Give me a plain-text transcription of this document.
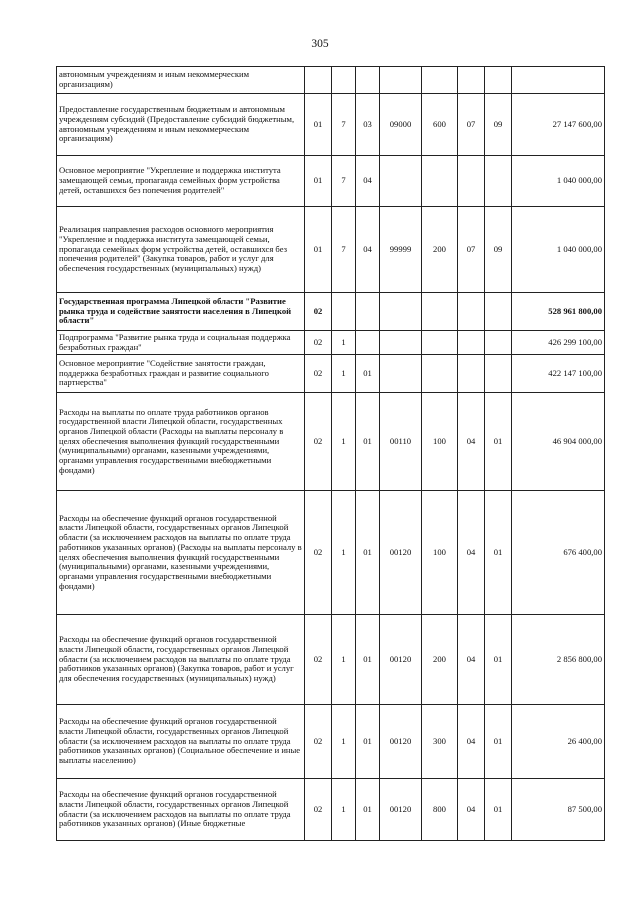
305
автономным учреждениям и иным некоммерческим организациям)								
Предоставление государственным бюджетным и автономным учреждениям субсидий (Предоставление субсидий бюджетным, автономным учреждениям и иным некоммерческим организациям)	01	7	03	09000	600	07	09	27 147 600,00
Основное мероприятие "Укрепление и поддержка института замещающей семьи, пропаганда семейных форм устройства детей, оставшихся без попечения родителей"	01	7	04					1 040 000,00
Реализация направления расходов основного мероприятия "Укрепление и поддержка института замещающей семьи, пропаганда семейных форм устройства детей, оставшихся без попечения родителей" (Закупка товаров, работ и услуг для обеспечения государственных (муниципальных) нужд)	01	7	04	99999	200	07	09	1 040 000,00
Государственная программа Липецкой области "Развитие рынка труда и содействие занятости населения в Липецкой области"	02							528 961 800,00
Подпрограмма "Развитие рынка труда и социальная поддержка безработных граждан"	02	1						426 299 100,00
Основное мероприятие "Содействие занятости граждан, поддержка безработных граждан и развитие социального партнерства"	02	1	01					422 147 100,00
Расходы на выплаты по оплате труда работников органов государственной власти Липецкой области, государственных органов Липецкой области (Расходы на выплаты персоналу в целях обеспечения выполнения функций государственными (муниципальными) органами, казенными учреждениями, органами управления государственными внебюджетными фондами)	02	1	01	00110	100	04	01	46 904 000,00
Расходы на обеспечение функций органов государственной власти Липецкой области, государственных органов Липецкой области (за исключением расходов на выплаты по оплате труда работников указанных органов) (Расходы на выплаты персоналу в целях обеспечения выполнения функций государственными (муниципальными) органами, казенными учреждениями, органами управления государственными внебюджетными фондами)	02	1	01	00120	100	04	01	676 400,00
Расходы на обеспечение функций органов государственной власти Липецкой области, государственных органов Липецкой области (за исключением расходов на выплаты по оплате труда работников указанных органов) (Закупка товаров, работ и услуг для обеспечения государственных (муниципальных) нужд)	02	1	01	00120	200	04	01	2 856 800,00
Расходы на обеспечение функций органов государственной власти Липецкой области, государственных органов Липецкой области (за исключением расходов на выплаты по оплате труда работников указанных органов) (Социальное обеспечение и иные выплаты населению)	02	1	01	00120	300	04	01	26 400,00
Расходы на обеспечение функций органов государственной власти Липецкой области, государственных органов Липецкой области (за исключением расходов на выплаты по оплате труда работников указанных органов) (Иные бюджетные	02	1	01	00120	800	04	01	87 500,00
